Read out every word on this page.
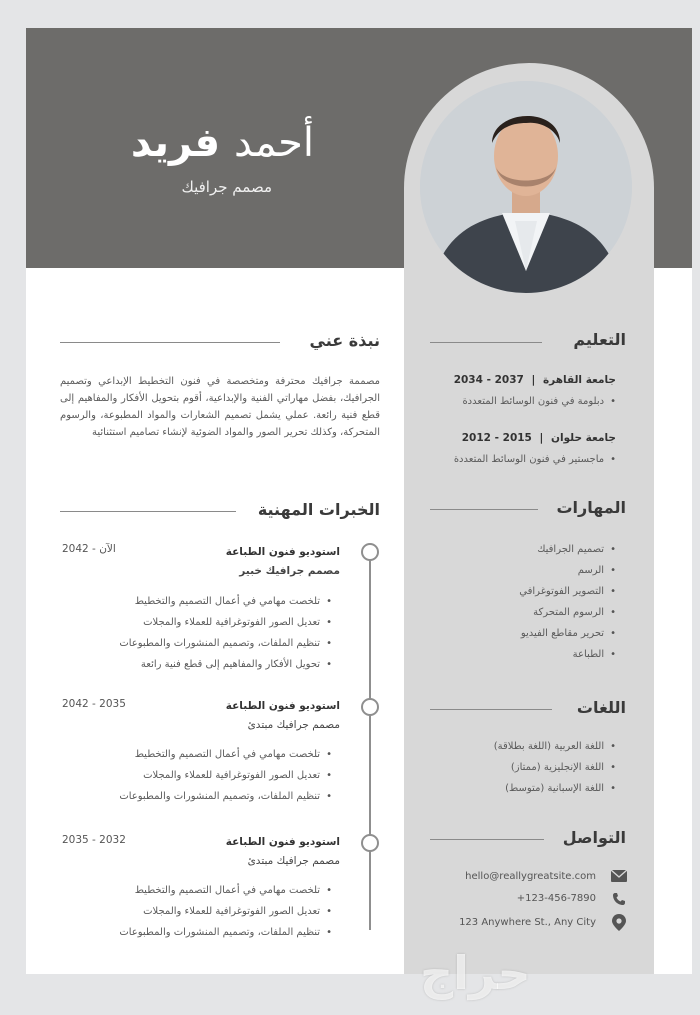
أحمد فريد
مصمم جرافيك
نبذة عني
مصممة جرافيك محترفة ومتخصصة في فنون التخطيط الإبداعي وتصميم الجرافيك، بفضل مهاراتي الفنية والإبداعية، أقوم بتحويل الأفكار والمفاهيم إلى قطع فنية رائعة. عملي يشمل تصميم الشعارات والمواد المطبوعة، والرسوم المتحركة، وكذلك تحرير الصور والمواد الضوئية لإنشاء تصاميم استثنائية
الخبرات المهنية
استوديو فنون الطباعة
مصمم جرافيك خبير
2042 - الآن
• تلخصت مهامي في أعمال التصميم والتخطيط
• تعديل الصور الفوتوغرافية للعملاء والمجلات
• تنظيم الملفات، وتصميم المنشورات والمطبوعات
• تحويل الأفكار والمفاهيم إلى قطع فنية رائعة
استوديو فنون الطباعة
مصمم جرافيك مبتدئ
2042 - 2035
• تلخصت مهامي في أعمال التصميم والتخطيط
• تعديل الصور الفوتوغرافية للعملاء والمجلات
• تنظيم الملفات، وتصميم المنشورات والمطبوعات
استوديو فنون الطباعة
مصمم جرافيك مبتدئ
2035 - 2032
• تلخصت مهامي في أعمال التصميم والتخطيط
• تعديل الصور الفوتوغرافية للعملاء والمجلات
• تنظيم الملفات، وتصميم المنشورات والمطبوعات
التعليم
جامعة القاهرة | 2037 - 2034
• دبلومة في فنون الوسائط المتعددة
جامعة حلوان | 2015 - 2012
• ماجستير في فنون الوسائط المتعددة
المهارات
• تصميم الجرافيك
• الرسم
• التصوير الفوتوغرافي
• الرسوم المتحركة
• تحرير مقاطع الفيديو
• الطباعة
اللغات
• اللغة العربية (اللغة بطلاقة)
• اللغة الإنجليزية (ممتاز)
• اللغة الإسبانية (متوسط)
التواصل
hello@reallygreatsite.com
+123-456-7890
123 Anywhere St., Any City
حراج
